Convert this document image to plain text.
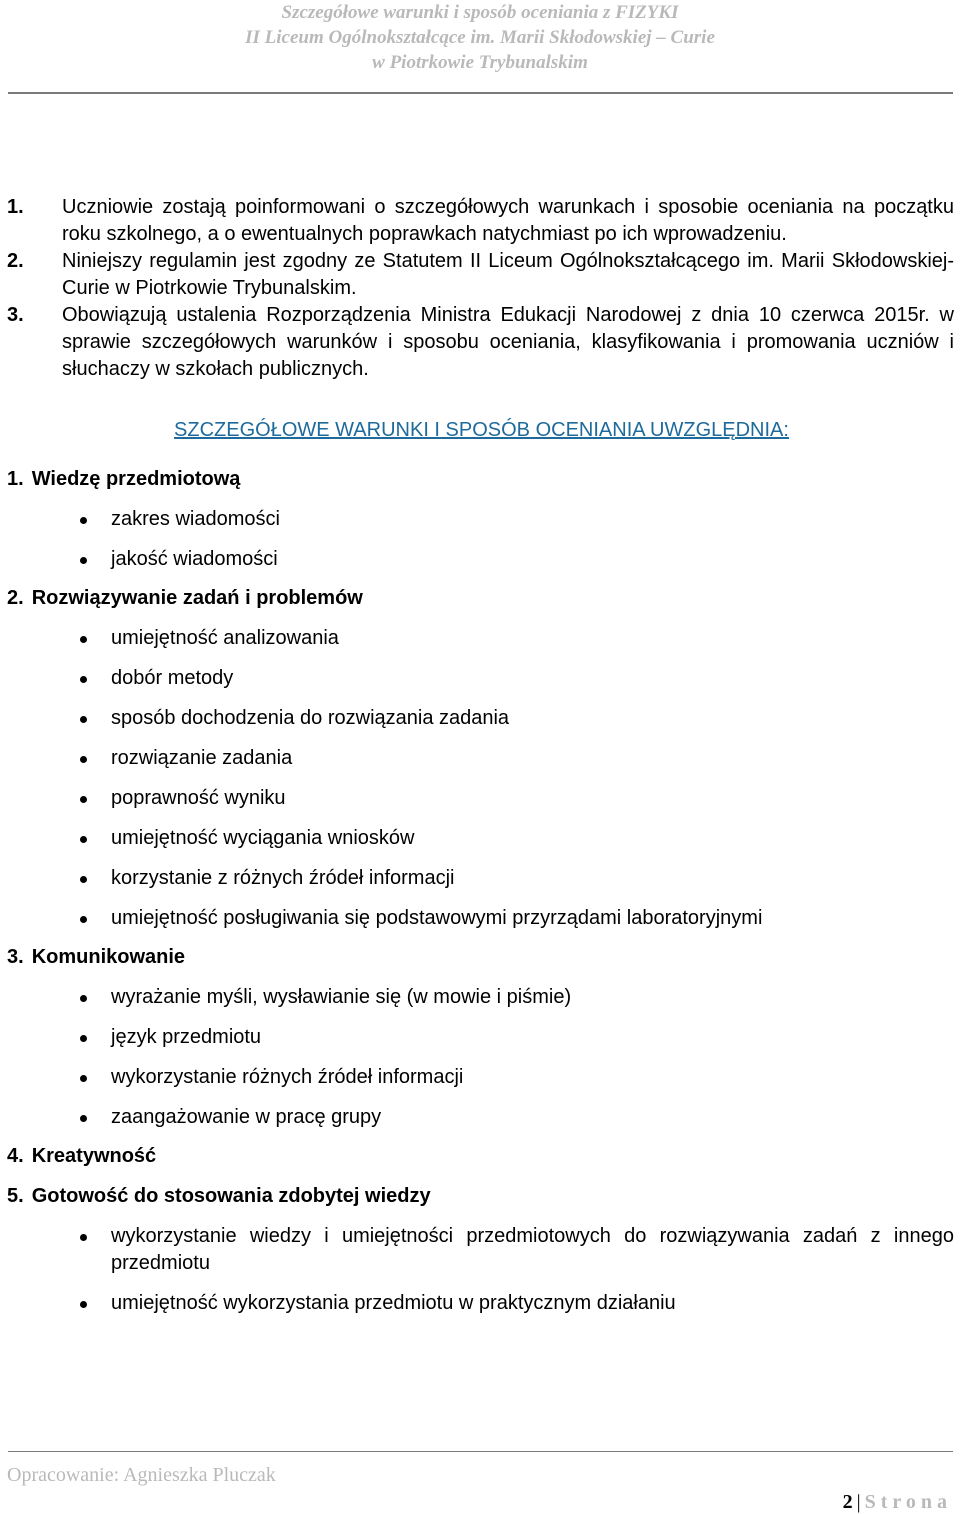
Szczegółowe warunki i sposób oceniania z FIZYKI
II Liceum Ogólnokształcące im. Marii Skłodowskiej – Curie
w Piotrkowie Trybunalskim
1. Uczniowie zostają poinformowani o szczegółowych warunkach i sposobie oceniania na początku roku szkolnego, a o ewentualnych poprawkach natychmiast po ich wprowadzeniu.
2. Niniejszy regulamin jest zgodny ze Statutem II Liceum Ogólnokształcącego im. Marii Skłodowskiej-Curie w Piotrkowie Trybunalskim.
3. Obowiązują ustalenia Rozporządzenia Ministra Edukacji Narodowej z dnia 10 czerwca 2015r. w sprawie szczegółowych warunków i sposobu oceniania, klasyfikowania i promowania uczniów i słuchaczy w szkołach publicznych.
SZCZEGÓŁOWE WARUNKI I SPOSÓB OCENIANIA UWZGLĘDNIA:
1. Wiedzę przedmiotową
zakres wiadomości
jakość wiadomości
2. Rozwiązywanie zadań i problemów
umiejętność analizowania
dobór metody
sposób dochodzenia do rozwiązania zadania
rozwiązanie zadania
poprawność wyniku
umiejętność wyciągania wniosków
korzystanie z różnych źródeł informacji
umiejętność posługiwania się podstawowymi przyrządami laboratoryjnymi
3. Komunikowanie
wyrażanie myśli, wysławianie się (w mowie i piśmie)
język przedmiotu
wykorzystanie różnych źródeł informacji
zaangażowanie w pracę grupy
4. Kreatywność
5. Gotowość do stosowania zdobytej wiedzy
wykorzystanie wiedzy i umiejętności przedmiotowych do rozwiązywania zadań z innego przedmiotu
umiejętność wykorzystania przedmiotu w praktycznym działaniu
Opracowanie: Agnieszka Pluczak
2 | Strona
